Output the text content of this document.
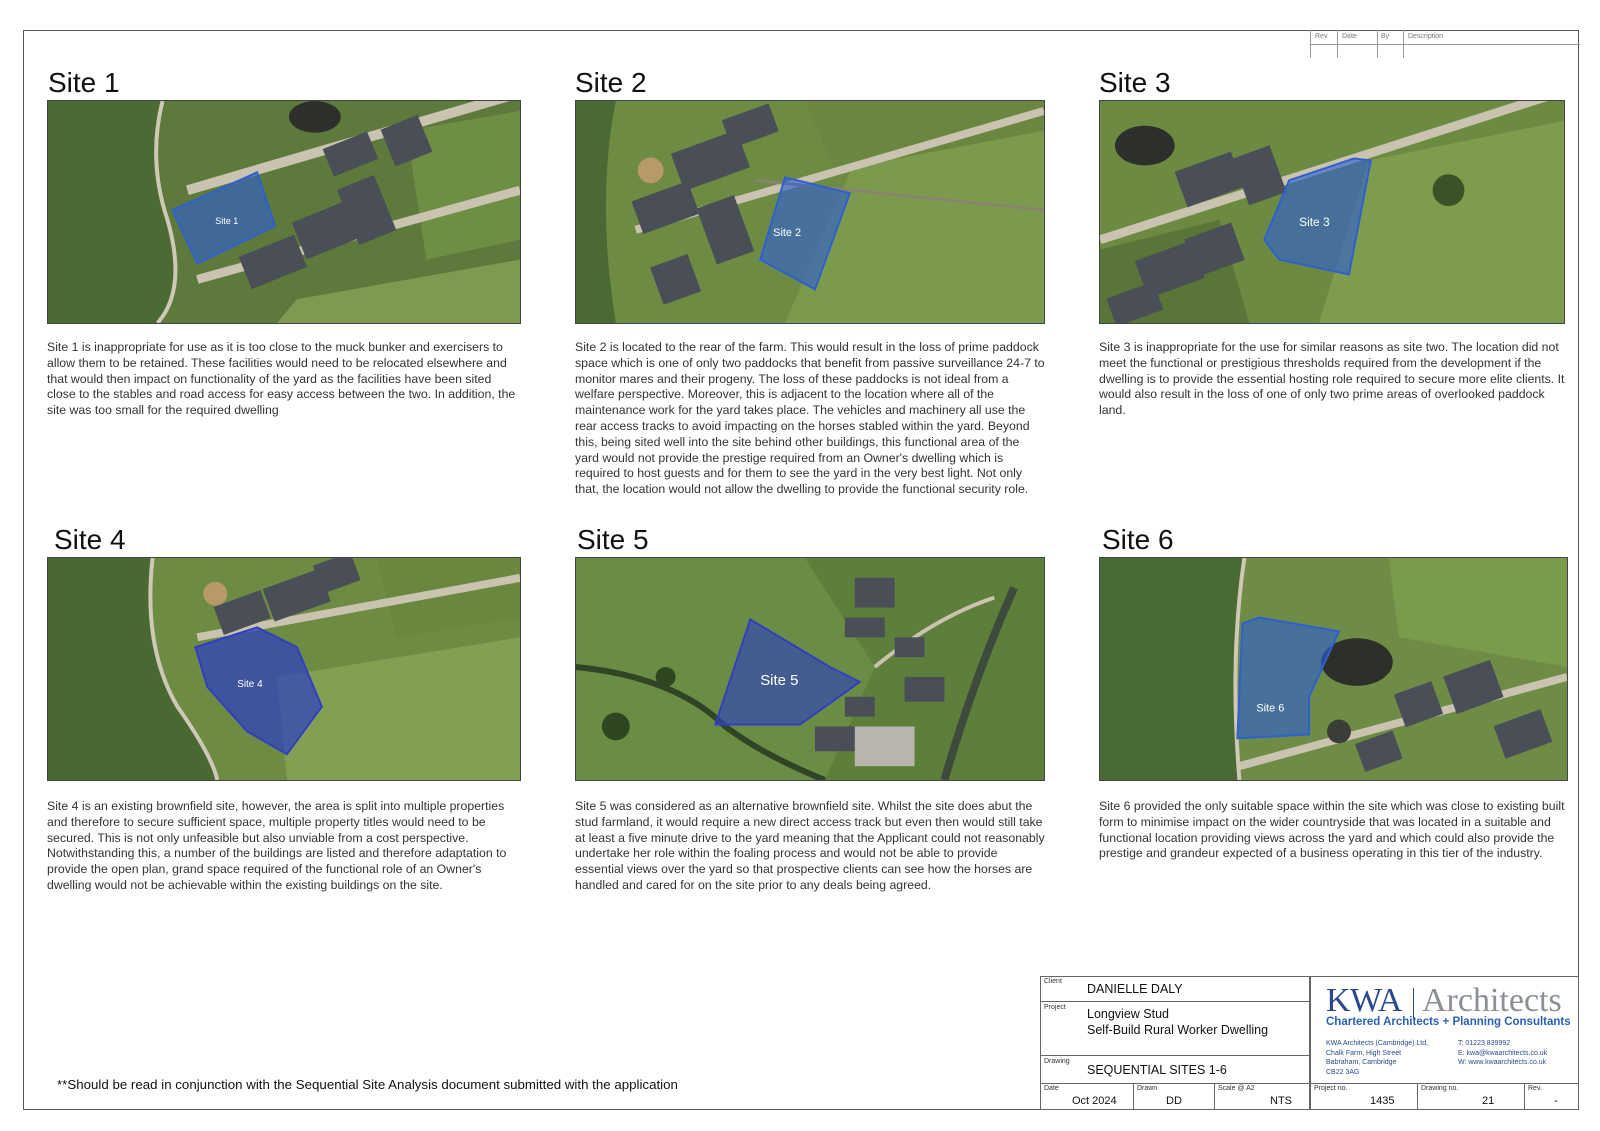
Rev Date	By	Description
Site 1
Site 1
Site 1 is inappropriate for use as it is too close to the muck bunker and exercisers to allow them to be retained. These facilities would need to be relocated elsewhere and that would then impact on functionality of the yard as the facilities have been sited close to the stables and road access for easy access between the two. In addition, the site was too small for the required dwelling
Site 2
Site 2
Site 2 is located to the rear of the farm. This would result in the loss of prime paddock space which is one of only two paddocks that benefit from passive surveillance 24-7 to monitor mares and their progeny. The loss of these paddocks is not ideal from a welfare perspective. Moreover, this is adjacent to the location where all of the maintenance work for the yard takes place. The vehicles and machinery all use the rear access tracks to avoid impacting on the horses stabled within the yard. Beyond this, being sited well into the site behind other buildings, this functional area of the yard would not provide the prestige required from an Owner's dwelling which is required to host guests and for them to see the yard in the very best light. Not only that, the location would not allow the dwelling to provide the functional security role.
Site 3
Site 3
Site 3 is inappropriate for the use for similar reasons as site two. The location did not meet the functional or prestigious thresholds required from the development if the dwelling is to provide the essential hosting role required to secure more elite clients. It would also result in the loss of one of only two prime areas of overlooked paddock land.
Site 4
Site 4
Site 4 is an existing brownfield site, however, the area is split into multiple properties and therefore to secure sufficient space, multiple property titles would need to be secured. This is not only unfeasible but also unviable from a cost perspective. Notwithstanding this, a number of the buildings are listed and therefore adaptation to provide the open plan, grand space required of the functional role of an Owner's dwelling would not be achievable within the existing buildings on the site.
Site 5
Site 5
Site 5 was considered as an alternative brownfield site. Whilst the site does abut the stud farmland, it would require a new direct access track but even then would still take at least a five minute drive to the yard meaning that the Applicant could not reasonably undertake her role within the foaling process and would not be able to provide essential views over the yard so that prospective clients can see how the horses are handled and cared for on the site prior to any deals being agreed.
Site 6
Site 6
Site 6 provided the only suitable space within the site which was close to existing built form to minimise impact on the wider countryside that was located in a suitable and functional location providing views across the yard and which could also provide the prestige and grandeur expected of a business operating in this tier of the industry.
**Should be read in conjunction with the Sequential Site Analysis document submitted with the application
Client
DANIELLE DALY
Project Longview Stud
Self-Build Rural Worker Dwelling
Drawing
SEQUENTIAL SITES 1-6
Date
Oct 2024
Drawn
DD
Scale @ A2
NTS
Project no.
1435
Drawing no.
21
Rev.
-
KWA Architects
Chartered Architects + Planning Consultants
KWA Architects (Cambridge) Ltd,
Chalk Farm, High Street
Babraham, Cambridge
CB22 3AG
T: 01223 839992
E: kwa@kwaarchitects.co.uk
W: www.kwaarchitects.co.uk
